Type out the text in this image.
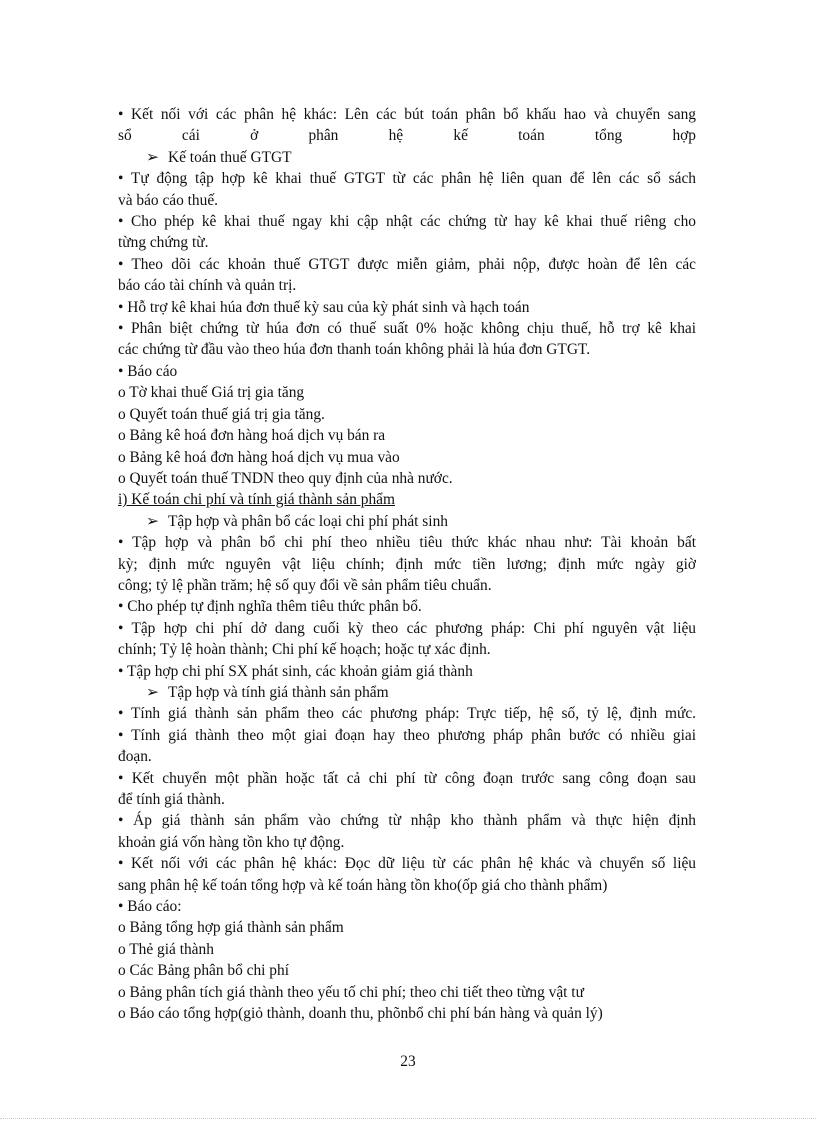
• Kết nối với các phân hệ khác: Lên các bút toán phân bổ khấu hao và chuyển sang
sổ cái ở phân hệ kế toán tổng hợp
➢ Kế toán thuế GTGT
• Tự động tập hợp kê khai thuế GTGT từ các phân hệ liên quan để lên các sổ sách
và báo cáo thuế.
• Cho phép kê khai thuế ngay khi cập nhật các chứng từ hay kê khai thuế riêng cho
từng chứng từ.
• Theo dõi các khoản thuế GTGT được miễn giảm, phải nộp, được hoàn để lên các
báo cáo tài chính và quản trị.
• Hỗ trợ kê khai húa đơn thuế kỳ sau của kỳ phát sinh và hạch toán
• Phân biệt chứng từ húa đơn có thuế suất 0% hoặc không chịu thuế, hỗ trợ kê khai
các chứng từ đầu vào theo húa đơn thanh toán không phải là húa đơn GTGT.
• Báo cáo
o Tờ khai thuế Giá trị gia tăng
o Quyết toán thuế giá trị gia tăng.
o Bảng kê hoá đơn hàng hoá dịch vụ bán ra
o Bảng kê hoá đơn hàng hoá dịch vụ mua vào
o Quyết toán thuế TNDN theo quy định của nhà nước.
i) Kế toán chi phí và tính giá thành sản phẩm
➢ Tập hợp và phân bổ các loại chi phí phát sinh
• Tập hợp và phân bổ chi phí theo nhiều tiêu thức khác nhau như: Tài khoản bất
kỳ; định mức nguyên vật liệu chính; định mức tiền lương; định mức ngày giờ
công; tỷ lệ phần trăm; hệ số quy đổi về sản phẩm tiêu chuẩn.
• Cho phép tự định nghĩa thêm tiêu thức phân bổ.
• Tập hợp chi phí dở dang cuối kỳ theo các phương pháp: Chi phí nguyên vật liệu
chính; Tỷ lệ hoàn thành; Chi phí kế hoạch; hoặc tự xác định.
• Tập hợp chi phí SX phát sinh, các khoản giảm giá thành
➢ Tập hợp và tính giá thành sản phẩm
• Tính giá thành sản phẩm theo các phương pháp: Trực tiếp, hệ số, tỷ lệ, định mức.
• Tính giá thành theo một giai đoạn hay theo phương pháp phân bước có nhiều giai
đoạn.
• Kết chuyển một phần hoặc tất cả chi phí từ công đoạn trước sang công đoạn sau
để tính giá thành.
• Áp giá thành sản phẩm vào chứng từ nhập kho thành phẩm và thực hiện định
khoản giá vốn hàng tồn kho tự động.
• Kết nối với các phân hệ khác: Đọc dữ liệu từ các phân hệ khác và chuyển số liệu
sang phân hệ kế toán tổng hợp và kế toán hàng tồn kho(ốp giá cho thành phẩm)
• Báo cáo:
o Bảng tổng hợp giá thành sản phẩm
o Thẻ giá thành
o Các Bảng phân bổ chi phí
o Bảng phân tích giá thành theo yếu tố chi phí; theo chi tiết theo từng vật tư
o Báo cáo tổng hợp(giỏ thành, doanh thu, phõnbổ chi phí bán hàng và quản lý)
23
